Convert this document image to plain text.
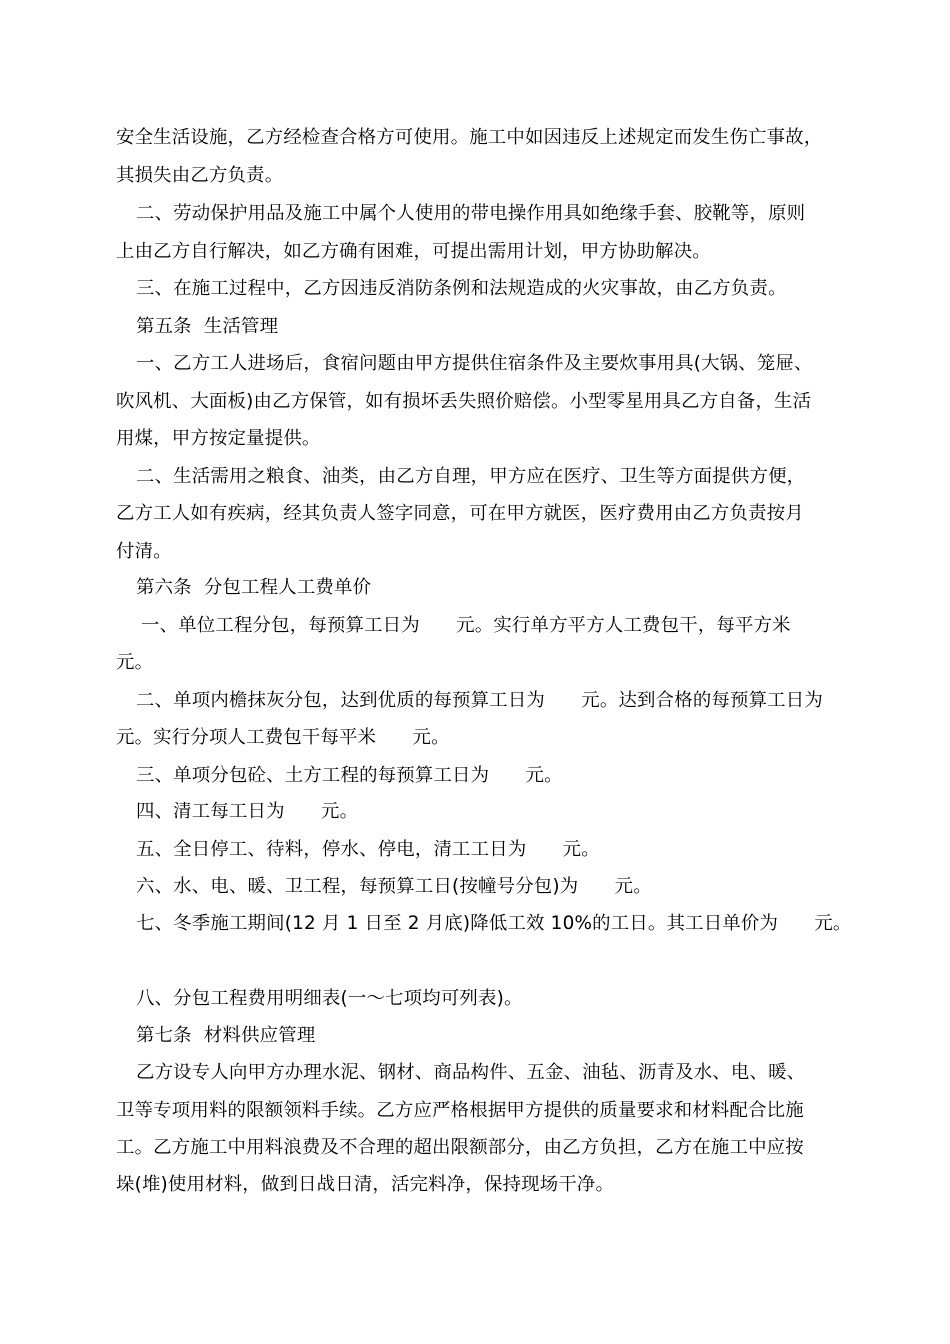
安全生活设施，乙方经检查合格方可使用。施工中如因违反上述规定而发生伤亡事故，
其损失由乙方负责。
二、劳动保护用品及施工中属个人使用的带电操作用具如绝缘手套、胶靴等，原则
上由乙方自行解决，如乙方确有困难，可提出需用计划，甲方协助解决。
三、在施工过程中，乙方因违反消防条例和法规造成的火灾事故，由乙方负责。
第五条  生活管理
一、乙方工人进场后，食宿问题由甲方提供住宿条件及主要炊事用具(大锅、笼屉、
吹风机、大面板)由乙方保管，如有损坏丢失照价赔偿。小型零星用具乙方自备，生活
用煤，甲方按定量提供。
二、生活需用之粮食、油类，由乙方自理，甲方应在医疗、卫生等方面提供方便，
乙方工人如有疾病，经其负责人签字同意，可在甲方就医，医疗费用由乙方负责按月
付清。
第六条  分包工程人工费单价
一、单位工程分包，每预算工日为      元。实行单方平方人工费包干，每平方米
元。
二、单项内檐抹灰分包，达到优质的每预算工日为      元。达到合格的每预算工日为
元。实行分项人工费包干每平米      元。
三、单项分包砼、土方工程的每预算工日为      元。
四、清工每工日为      元。
五、全日停工、待料，停水、停电，清工工日为      元。
六、水、电、暖、卫工程，每预算工日(按幢号分包)为      元。
七、冬季施工期间(12 月 1 日至 2 月底)降低工效 10%的工日。其工日单价为      元。
八、分包工程费用明细表(一～七项均可列表)。
第七条  材料供应管理
乙方设专人向甲方办理水泥、钢材、商品构件、五金、油毡、沥青及水、电、暖、
卫等专项用料的限额领料手续。乙方应严格根据甲方提供的质量要求和材料配合比施
工。乙方施工中用料浪费及不合理的超出限额部分，由乙方负担，乙方在施工中应按
垛(堆)使用材料，做到日战日清，活完料净，保持现场干净。
